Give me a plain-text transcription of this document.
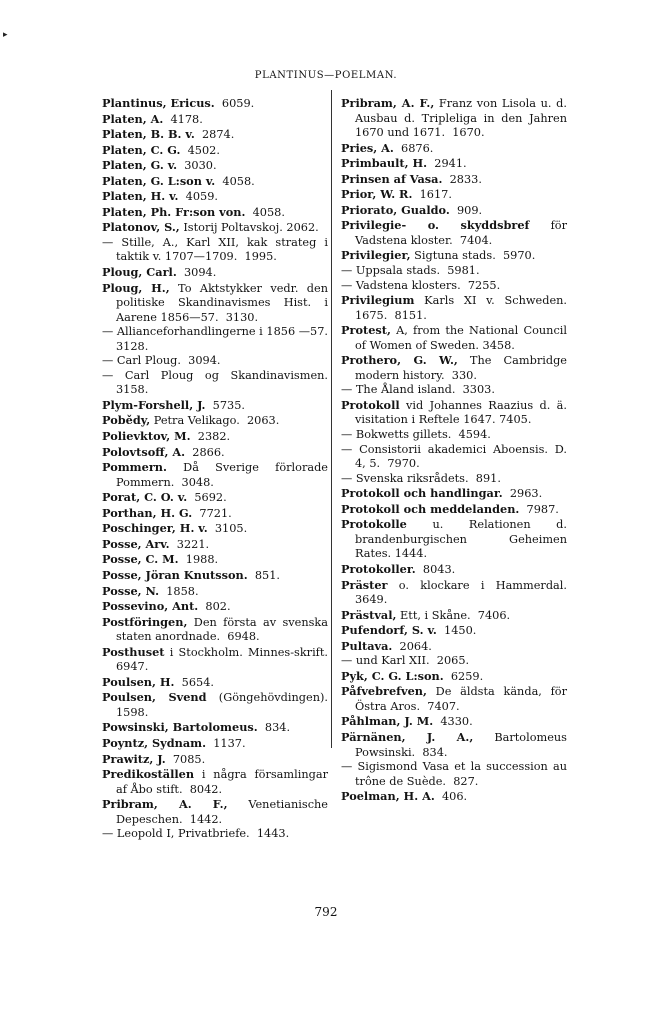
▸
PLANTINUS—POELMAN.
Plantinus, Ericus.  6059.
Platen, A.  4178.
Platen, B. B. v.  2874.
Platen, C. G.  4502.
Platen, G. v.  3030.
Platen, G. L:son v.  4058.
Platen, H. v.  4059.
Platen, Ph. Fr:son von.  4058.
Platonov, S., Istorij Poltavskoj. 2062.
— Stille, A., Karl XII, kak strateg i taktik v. 1707—1709.  1995.
Ploug, Carl.  3094.
Ploug, H., To Aktstykker vedr. den politiske Skandinavismes Hist. i Aarene 1856—57.  3130.
— Allianceforhandlingerne i 1856 —57.  3128.
— Carl Ploug.  3094.
— Carl Ploug og Skandinavismen. 3158.
Plym-Forshell, J.  5735.
Pobědy, Petra Velikago.  2063.
Polievktov, M.  2382.
Polovtsoff, A.  2866.
Pommern. Då Sverige förlorade Pommern.  3048.
Porat, C. O. v.  5692.
Porthan, H. G.  7721.
Poschinger, H. v.  3105.
Posse, Arv.  3221.
Posse, C. M.  1988.
Posse, Jöran Knutsson.  851.
Posse, N.  1858.
Possevino, Ant.  802.
Postföringen, Den första av svenska staten anordnade.  6948.
Posthuset i Stockholm. Minnes-skrift.  6947.
Poulsen, H.  5654.
Poulsen, Svend (Göngehövdingen). 1598.
Powsinski, Bartolomeus.  834.
Poyntz, Sydnam.  1137.
Prawitz, J.  7085.
Predikoställen i några församlingar af Åbo stift.  8042.
Pribram, A. F., Venetianische Depeschen.  1442.
— Leopold I, Privatbriefe.  1443.
Pribram, A. F., Franz von Lisola u. d. Ausbau d. Tripleliga in den Jahren 1670 und 1671.  1670.
Pries, A.  6876.
Primbault, H.  2941.
Prinsen af Vasa.  2833.
Prior, W. R.  1617.
Priorato, Gualdo.  909.
Privilegie- o. skyddsbref för Vadstena kloster.  7404.
Privilegier, Sigtuna stads.  5970.
— Uppsala stads.  5981.
— Vadstena klosters.  7255.
Privilegium Karls XI v. Schweden. 1675.  8151.
Protest, A, from the National Council of Women of Sweden. 3458.
Prothero, G. W., The Cambridge modern history.  330.
— The Åland island.  3303.
Protokoll vid Johannes Raazius d. ä. visitation i Reftele 1647. 7405.
— Bokwetts gillets.  4594.
— Consistorii akademici Aboensis. D. 4, 5.  7970.
— Svenska riksrådets.  891.
Protokoll och handlingar.  2963.
Protokoll och meddelanden.  7987.
Protokolle u. Relationen d. brandenburgischen Geheimen Rates. 1444.
Protokoller.  8043.
Präster o. klockare i Hammerdal. 3649.
Prästval, Ett, i Skåne.  7406.
Pufendorf, S. v.  1450.
Pultava.  2064.
— und Karl XII.  2065.
Pyk, C. G. L:son.  6259.
Påfvebrefven, De äldsta kända, för Östra Aros.  7407.
Påhlman, J. M.  4330.
Pärnänen, J. A., Bartolomeus Powsinski.  834.
— Sigismond Vasa et la succession au trône de Suède.  827.
Poelman, H. A.  406.
792
